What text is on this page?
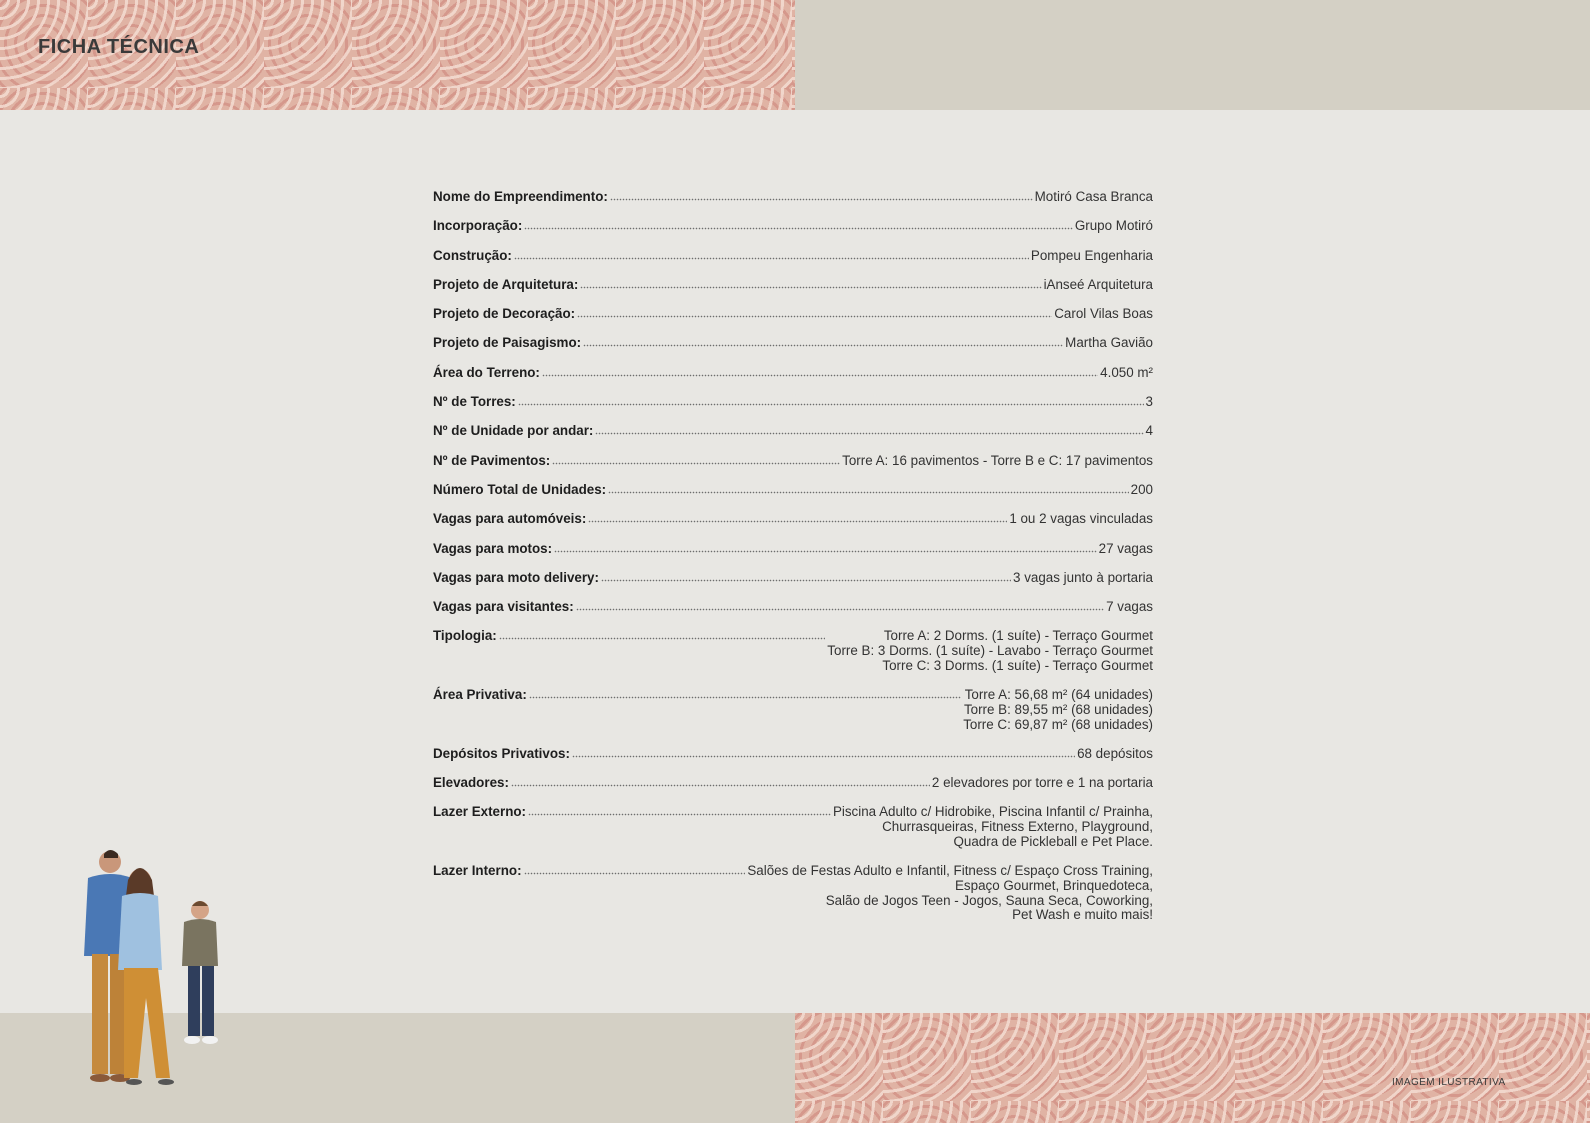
FICHA TÉCNICA
Nome do Empreendimento:	Motiró Casa Branca
Incorporação:	Grupo Motiró
Construção:	Pompeu Engenharia
Projeto de Arquitetura:	iAnseé Arquitetura
Projeto de Decoração:	Carol Vilas Boas
Projeto de Paisagismo:	Martha Gavião
Área do Terreno:	4.050 m²
Nº de Torres:	3
Nº de Unidade por andar:	4
Nº de Pavimentos:	Torre A: 16 pavimentos - Torre B e C: 17 pavimentos
Número Total de Unidades:	200
Vagas para automóveis:	1 ou 2 vagas vinculadas
Vagas para motos:	27 vagas
Vagas para moto delivery:	3 vagas junto à portaria
Vagas para visitantes:	7 vagas
Tipologia:	Torre A: 2 Dorms. (1 suíte) - Terraço Gourmet
Torre B: 3 Dorms. (1 suíte) - Lavabo - Terraço Gourmet
Torre C: 3 Dorms. (1 suíte) - Terraço Gourmet
Área Privativa:	Torre A: 56,68 m² (64 unidades)
Torre B: 89,55 m² (68 unidades)
Torre C: 69,87 m² (68 unidades)
Depósitos Privativos:	68 depósitos
Elevadores:	2 elevadores por torre e 1 na portaria
Lazer Externo:	Piscina Adulto c/ Hidrobike, Piscina Infantil c/ Prainha,
Churrasqueiras, Fitness Externo, Playground,
Quadra de Pickleball e Pet Place.
Lazer Interno:	Salões de Festas Adulto e Infantil, Fitness c/ Espaço Cross Training,
Espaço Gourmet, Brinquedoteca,
Salão de Jogos Teen - Jogos, Sauna Seca, Coworking,
Pet Wash e muito mais!
IMAGEM ILUSTRATIVA
